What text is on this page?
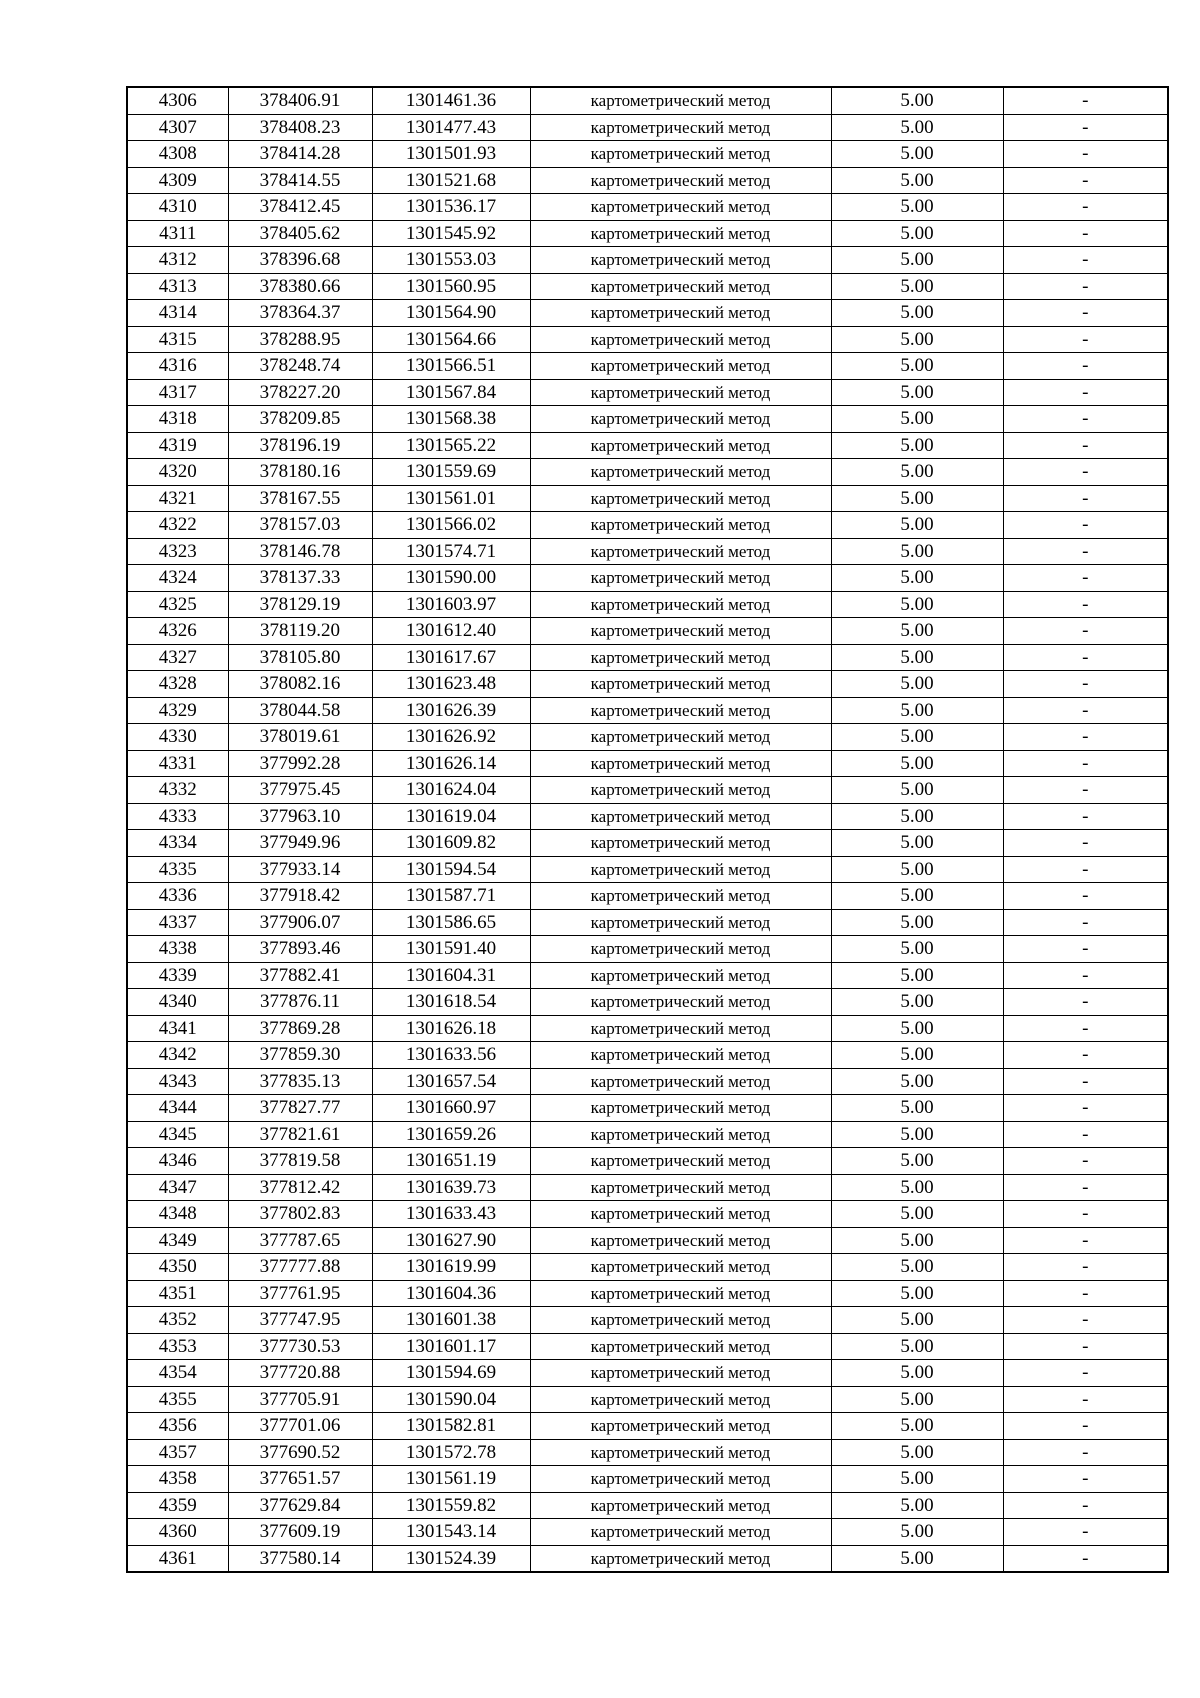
4306	378406.91	1301461.36	картометрический метод	5.00	-
4307	378408.23	1301477.43	картометрический метод	5.00	-
4308	378414.28	1301501.93	картометрический метод	5.00	-
4309	378414.55	1301521.68	картометрический метод	5.00	-
4310	378412.45	1301536.17	картометрический метод	5.00	-
4311	378405.62	1301545.92	картометрический метод	5.00	-
4312	378396.68	1301553.03	картометрический метод	5.00	-
4313	378380.66	1301560.95	картометрический метод	5.00	-
4314	378364.37	1301564.90	картометрический метод	5.00	-
4315	378288.95	1301564.66	картометрический метод	5.00	-
4316	378248.74	1301566.51	картометрический метод	5.00	-
4317	378227.20	1301567.84	картометрический метод	5.00	-
4318	378209.85	1301568.38	картометрический метод	5.00	-
4319	378196.19	1301565.22	картометрический метод	5.00	-
4320	378180.16	1301559.69	картометрический метод	5.00	-
4321	378167.55	1301561.01	картометрический метод	5.00	-
4322	378157.03	1301566.02	картометрический метод	5.00	-
4323	378146.78	1301574.71	картометрический метод	5.00	-
4324	378137.33	1301590.00	картометрический метод	5.00	-
4325	378129.19	1301603.97	картометрический метод	5.00	-
4326	378119.20	1301612.40	картометрический метод	5.00	-
4327	378105.80	1301617.67	картометрический метод	5.00	-
4328	378082.16	1301623.48	картометрический метод	5.00	-
4329	378044.58	1301626.39	картометрический метод	5.00	-
4330	378019.61	1301626.92	картометрический метод	5.00	-
4331	377992.28	1301626.14	картометрический метод	5.00	-
4332	377975.45	1301624.04	картометрический метод	5.00	-
4333	377963.10	1301619.04	картометрический метод	5.00	-
4334	377949.96	1301609.82	картометрический метод	5.00	-
4335	377933.14	1301594.54	картометрический метод	5.00	-
4336	377918.42	1301587.71	картометрический метод	5.00	-
4337	377906.07	1301586.65	картометрический метод	5.00	-
4338	377893.46	1301591.40	картометрический метод	5.00	-
4339	377882.41	1301604.31	картометрический метод	5.00	-
4340	377876.11	1301618.54	картометрический метод	5.00	-
4341	377869.28	1301626.18	картометрический метод	5.00	-
4342	377859.30	1301633.56	картометрический метод	5.00	-
4343	377835.13	1301657.54	картометрический метод	5.00	-
4344	377827.77	1301660.97	картометрический метод	5.00	-
4345	377821.61	1301659.26	картометрический метод	5.00	-
4346	377819.58	1301651.19	картометрический метод	5.00	-
4347	377812.42	1301639.73	картометрический метод	5.00	-
4348	377802.83	1301633.43	картометрический метод	5.00	-
4349	377787.65	1301627.90	картометрический метод	5.00	-
4350	377777.88	1301619.99	картометрический метод	5.00	-
4351	377761.95	1301604.36	картометрический метод	5.00	-
4352	377747.95	1301601.38	картометрический метод	5.00	-
4353	377730.53	1301601.17	картометрический метод	5.00	-
4354	377720.88	1301594.69	картометрический метод	5.00	-
4355	377705.91	1301590.04	картометрический метод	5.00	-
4356	377701.06	1301582.81	картометрический метод	5.00	-
4357	377690.52	1301572.78	картометрический метод	5.00	-
4358	377651.57	1301561.19	картометрический метод	5.00	-
4359	377629.84	1301559.82	картометрический метод	5.00	-
4360	377609.19	1301543.14	картометрический метод	5.00	-
4361	377580.14	1301524.39	картометрический метод	5.00	-
